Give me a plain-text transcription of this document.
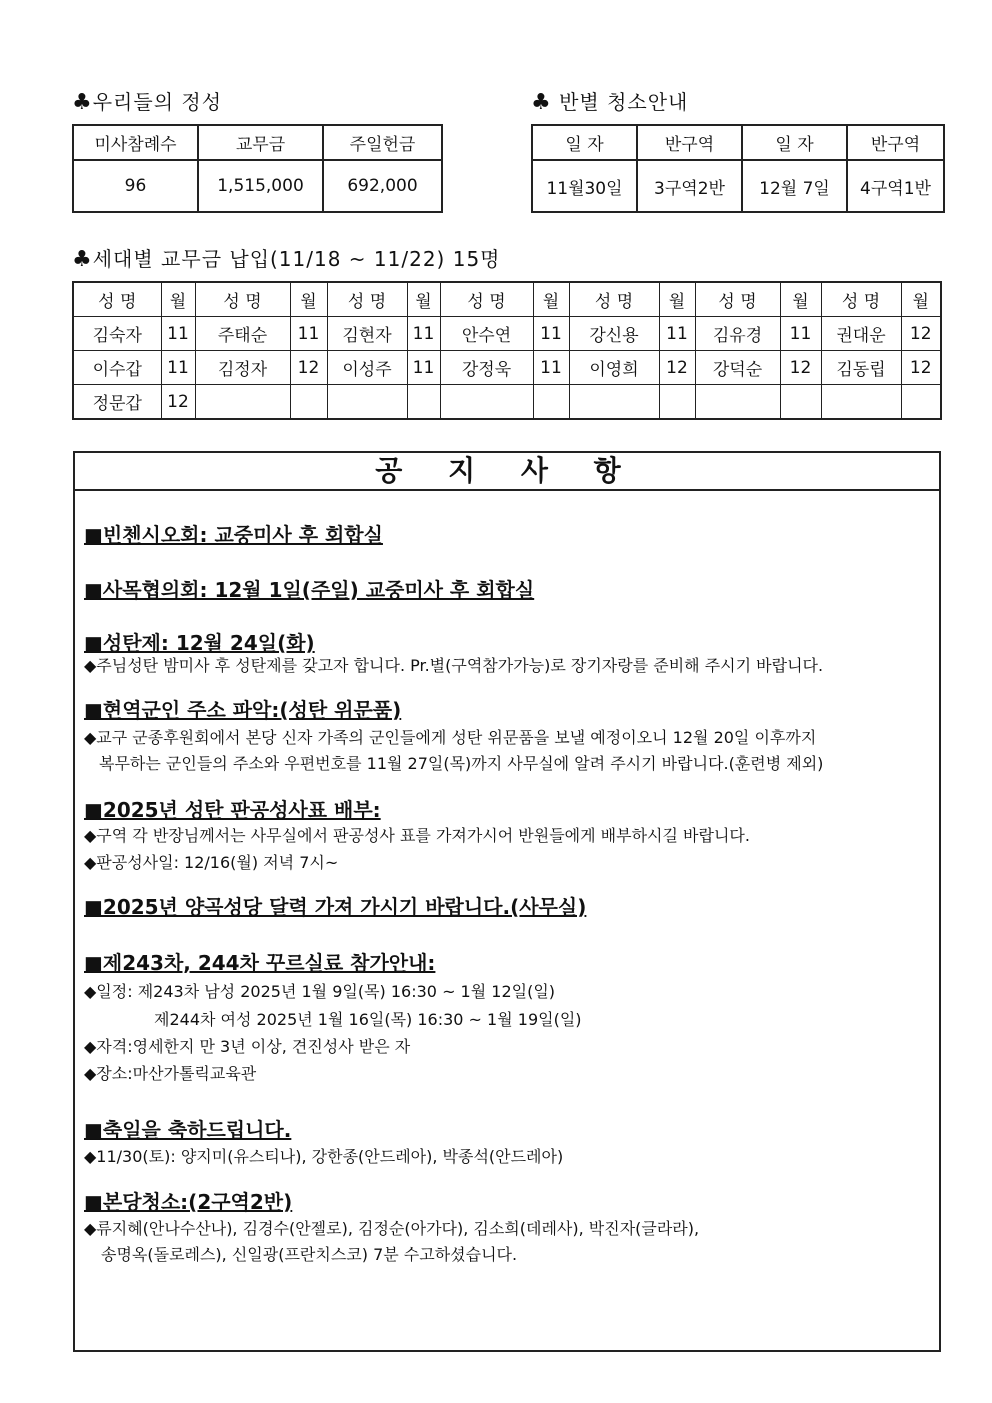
♣우리들의 정성
미사참례수	교무금	주일헌금
96	1,515,000	692,000
♣ 반별 청소안내
일 자	반구역	일 자	반구역
11월30일	3구역2반	12월 7일	4구역1반
♣세대별 교무금 납입(11/18 ~ 11/22) 15명
성 명	월	성 명	월	성 명	월	성 명	월	성 명	월	성 명	월	성 명	월
김숙자	11	주태순	11	김현자	11	안수연	11	강신용	11	김유경	11	권대운	12
이수갑	11	김정자	12	이성주	11	강정욱	11	이영희	12	강덕순	12	김동립	12
정문갑	12												
공 지 사 항
■빈첸시오회: 교중미사 후 회합실
■사목협의회: 12월 1일(주일) 교중미사 후 회합실
■성탄제: 12월 24일(화)
◆주님성탄 밤미사 후 성탄제를 갖고자 합니다. Pr.별(구역참가가능)로 장기자랑를 준비해 주시기 바랍니다.
■현역군인 주소 파악:(성탄 위문품)
◆교구 군종후원회에서 본당 신자 가족의 군인들에게 성탄 위문품을 보낼 예정이오니 12월 20일 이후까지
복무하는 군인들의 주소와 우편번호를 11월 27일(목)까지 사무실에 알려 주시기 바랍니다.(훈련병 제외)
■2025년 성탄 판공성사표 배부:
◆구역 각 반장님께서는 사무실에서 판공성사 표를 가져가시어 반원들에게 배부하시길 바랍니다.
◆판공성사일: 12/16(월) 저녁 7시~
■2025년 양곡성당 달력 가져 가시기 바랍니다.(사무실)
■제243차, 244차 꾸르실료 참가안내:
◆일정: 제243차 남성 2025년 1월 9일(목) 16:30 ~ 1월 12일(일)
제244차 여성 2025년 1월 16일(목) 16:30 ~ 1월 19일(일)
◆자격:영세한지 만 3년 이상, 견진성사 받은 자
◆장소:마산가톨릭교육관
■축일을 축하드립니다.
◆11/30(토): 양지미(유스티나), 강한종(안드레아), 박종석(안드레아)
■본당청소:(2구역2반)
◆류지혜(안나수산나), 김경수(안젤로), 김정순(아가다), 김소희(데레사), 박진자(글라라),
송명옥(돌로레스), 신일광(프란치스코) 7분 수고하셨습니다.
